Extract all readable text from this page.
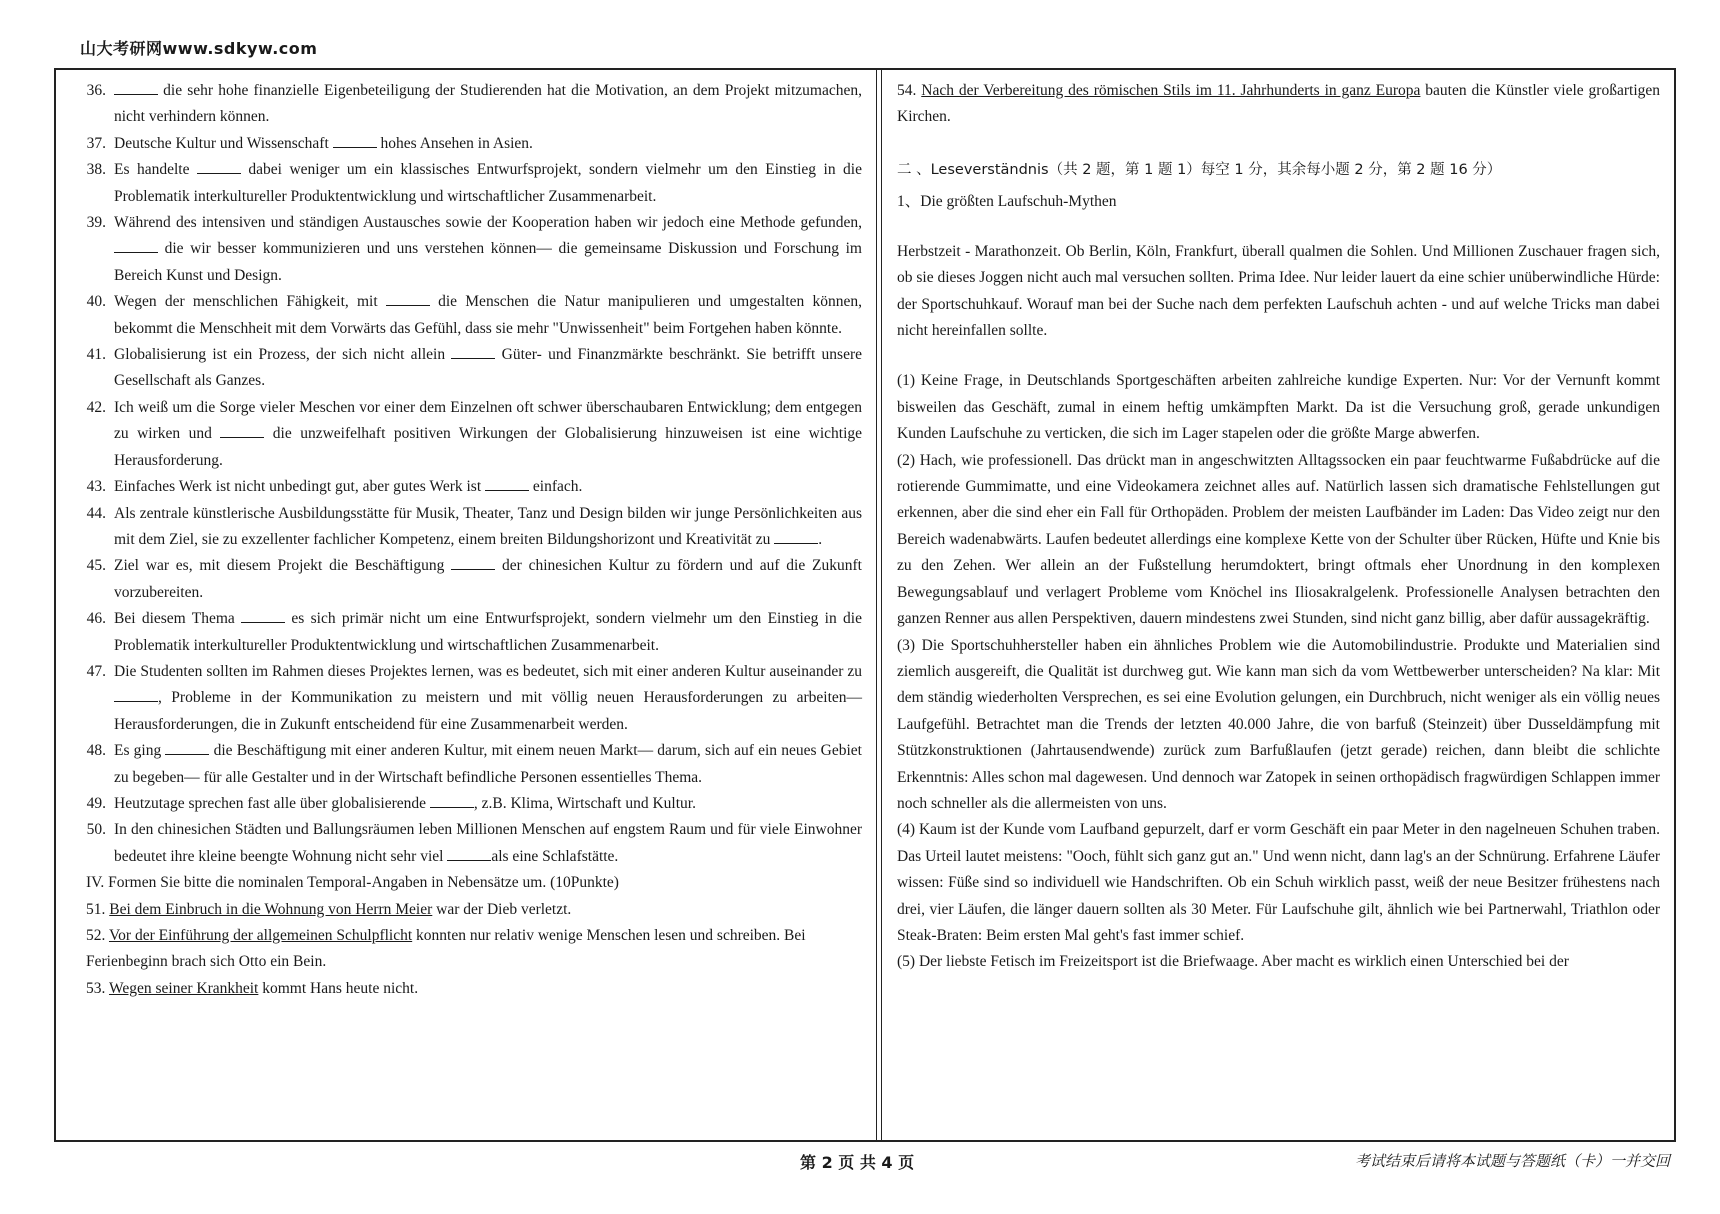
山大考研网www.sdkyw.com
36.	die sehr hohe finanzielle Eigenbeteiligung der Studierenden hat die Motivation, an dem Projekt mitzumachen, nicht verhindern können.
37. Deutsche Kultur und Wissenschaft	hohes Ansehen in Asien.
38. Es handelte	dabei weniger um ein klassisches Entwurfsprojekt, sondern vielmehr um den Einstieg in die Problematik interkultureller Produktentwicklung und wirtschaftlicher Zusammenarbeit.
39. Während des intensiven und ständigen Austausches sowie der Kooperation haben wir jedoch eine Methode gefunden,  die wir besser kommunizieren und uns verstehen können— die gemeinsame Diskussion und Forschung im Bereich Kunst und Design.
40. Wegen der menschlichen Fähigkeit, mit	die Menschen die Natur manipulieren und umgestalten können, bekommt die Menschheit mit dem Vorwärts das Gefühl, dass sie mehr "Unwissenheit" beim Fortgehen haben könnte.
41. Globalisierung ist ein Prozess, der sich nicht allein	Güter- und Finanzmärkte beschränkt. Sie betrifft unsere Gesellschaft als Ganzes.
42. Ich weiß um die Sorge vieler Meschen vor einer dem Einzelnen oft schwer überschaubaren Entwicklung; dem entgegen zu wirken und	die unzweifelhaft positiven Wirkungen der Globalisierung hinzuweisen ist eine wichtige Herausforderung.
43. Einfaches Werk ist nicht unbedingt gut, aber gutes Werk ist	einfach.
44. Als zentrale künstlerische Ausbildungsstätte für Musik, Theater, Tanz und Design bilden wir junge Persönlichkeiten aus mit dem Ziel, sie zu exzellenter fachlicher Kompetenz, einem breiten Bildungshorizont und Kreativität zu	.
45. Ziel war es, mit diesem Projekt die Beschäftigung	der chinesichen Kultur zu fördern und auf die Zukunft vorzubereiten.
46. Bei diesem Thema	es sich primär nicht um eine Entwurfsprojekt, sondern vielmehr um den Einstieg in die Problematik interkultureller Produktentwicklung und wirtschaftlichen Zusammenarbeit.
47. Die Studenten sollten im Rahmen dieses Projektes lernen, was es bedeutet, sich mit einer anderen Kultur auseinander zu , Probleme in der Kommunikation zu meistern und mit völlig neuen Herausforderungen zu arbeiten— Herausforderungen, die in Zukunft entscheidend für eine Zusammenarbeit werden.
48. Es ging	die Beschäftigung mit einer anderen Kultur, mit einem neuen Markt— darum, sich auf ein neues Gebiet zu begeben— für alle Gestalter und in der Wirtschaft befindliche Personen essentielles Thema.
49. Heutzutage sprechen fast alle über globalisierende	, z.B. Klima, Wirtschaft und Kultur.
50. In den chinesichen Städten und Ballungsräumen leben Millionen Menschen auf engstem Raum und für viele Einwohner bedeutet ihre kleine beengte Wohnung nicht sehr viel	als eine Schlafstätte.
IV. Formen Sie bitte die nominalen Temporal-Angaben in Nebensätze um. (10Punkte)
51. Bei dem Einbruch in die Wohnung von Herrn Meier war der Dieb verletzt.
52. Vor der Einführung der allgemeinen Schulpflicht konnten nur relativ wenige Menschen lesen und schreiben. Bei Ferienbeginn brach sich Otto ein Bein.
53. Wegen seiner Krankheit kommt Hans heute nicht.
54. Nach der Verbereitung des römischen Stils im 11. Jahrhunderts in ganz Europa bauten die Künstler viele großartigen Kirchen.
二 、Leseverständnis（共 2 题，第 1 题 1）每空 1 分，其余每小题 2 分，第 2 题 16 分）
1、Die größten Laufschuh-Mythen

Herbstzeit - Marathonzeit. Ob Berlin, Köln, Frankfurt, überall qualmen die Sohlen. Und Millionen Zuschauer fragen sich, ob sie dieses Joggen nicht auch mal versuchen sollten. Prima Idee. Nur leider lauert da eine schier unüberwindliche Hürde: der Sportschuhkauf. Worauf man bei der Suche nach dem perfekten Laufschuh achten - und auf welche Tricks man dabei nicht hereinfallen sollte.

(1) Keine Frage, in Deutschlands Sportgeschäften arbeiten zahlreiche kundige Experten. Nur: Vor der Vernunft kommt bisweilen das Geschäft, zumal in einem heftig umkämpften Markt. Da ist die Versuchung groß, gerade unkundigen Kunden Laufschuhe zu verticken, die sich im Lager stapelen oder die größte Marge abwerfen.

(2) Hach, wie professionell. Das drückt man in angeschwitzten Alltagssocken ein paar feuchtwarme Fußabdrücke auf die rotierende Gummimatte, und eine Videokamera zeichnet alles auf. Natürlich lassen sich dramatische Fehlstellungen gut erkennen, aber die sind eher ein Fall für Orthopäden. Problem der meisten Laufbänder im Laden: Das Video zeigt nur den Bereich wadenabwärts. Laufen bedeutet allerdings eine komplexe Kette von der Schulter über Rücken, Hüfte und Knie bis zu den Zehen. Wer allein an der Fußstellung herumdoktert, bringt oftmals eher Unordnung in den komplexen Bewegungsablauf und verlagert Probleme vom Knöchel ins Iliosakralgelenk. Professionelle Analysen betrachten den ganzen Renner aus allen Perspektiven, dauern mindestens zwei Stunden, sind nicht ganz billig, aber dafür aussagekräftig.

(3) Die Sportschuhhersteller haben ein ähnliches Problem wie die Automobilindustrie. Produkte und Materialien sind ziemlich ausgereift, die Qualität ist durchweg gut. Wie kann man sich da vom Wettbewerber unterscheiden? Na klar: Mit dem ständig wiederholten Versprechen, es sei eine Evolution gelungen, ein Durchbruch, nicht weniger als ein völlig neues Laufgefühl. Betrachtet man die Trends der letzten 40.000 Jahre, die von barfuß (Steinzeit) über Dusseldämpfung mit Stützkonstruktionen (Jahrtausendwende) zurück zum Barfußlaufen (jetzt gerade) reichen, dann bleibt die schlichte Erkenntnis: Alles schon mal dagewesen. Und dennoch war Zatopek in seinen orthopädisch fragwürdigen Schlappen immer noch schneller als die allermeisten von uns.

(4) Kaum ist der Kunde vom Laufband gepurzelt, darf er vorm Geschäft ein paar Meter in den nagelneuen Schuhen traben. Das Urteil lautet meistens: "Ooch, fühlt sich ganz gut an." Und wenn nicht, dann lag's an der Schnürung. Erfahrene Läufer wissen: Füße sind so individuell wie Handschriften. Ob ein Schuh wirklich passt, weiß der neue Besitzer frühestens nach drei, vier Läufen, die länger dauern sollten als 30 Meter. Für Laufschuhe gilt, ähnlich wie bei Partnerwahl, Triathlon oder Steak-Braten: Beim ersten Mal geht's fast immer schief.

(5) Der liebste Fetisch im Freizeitsport ist die Briefwaage. Aber macht es wirklich einen Unterschied bei der

第 2 页 共 4 页	考试结束后请将本试题与答题纸（卡）一并交回
